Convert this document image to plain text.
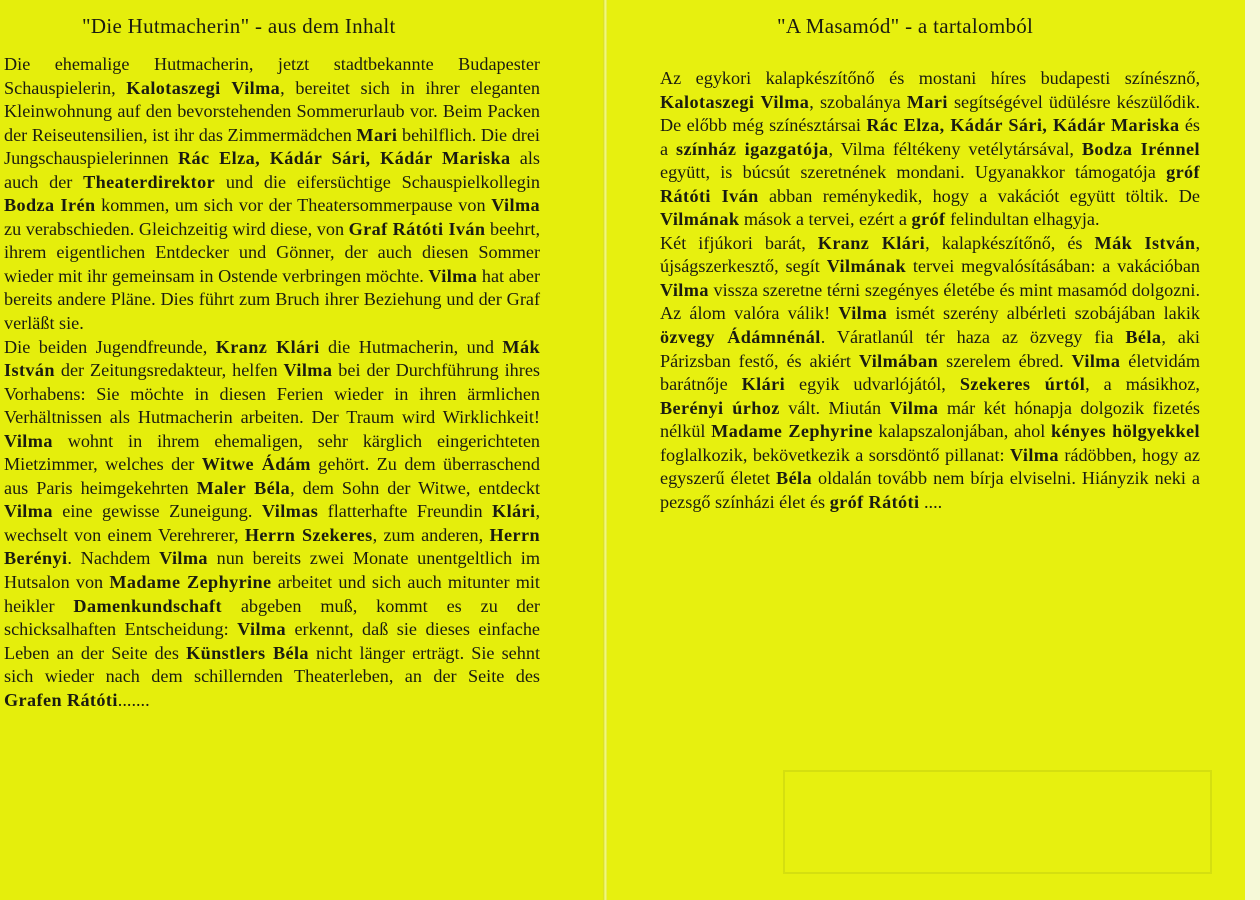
"Die Hutmacherin" - aus dem Inhalt

Die ehemalige Hutmacherin, jetzt stadtbekannte Budapester Schauspielerin, Kalotaszegi Vilma, bereitet sich in ihrer eleganten Kleinwohnung auf den bevorstehenden Sommerurlaub vor. Beim Packen der Reiseutensilien, ist ihr das Zimmermädchen Mari behilflich. Die drei Jungschauspielerinnen Rác Elza, Kádár Sári, Kádár Mariska als auch der Theaterdirektor und die eifersüchtige Schauspielkollegin Bodza Irén kommen, um sich vor der Theatersommerpause von Vilma zu verabschieden. Gleichzeitig wird diese, von Graf Rátóti Iván beehrt, ihrem eigentlichen Entdecker und Gönner, der auch diesen Sommer wieder mit ihr gemeinsam in Ostende verbringen möchte. Vilma hat aber bereits andere Pläne. Dies führt zum Bruch ihrer Beziehung und der Graf verläßt sie.

Die beiden Jugendfreunde, Kranz Klári die Hutmacherin, und Mák István der Zeitungsredakteur, helfen Vilma bei der Durchführung ihres Vorhabens: Sie möchte in diesen Ferien wieder in ihren ärmlichen Verhältnissen als Hutmacherin arbeiten. Der Traum wird Wirklichkeit! Vilma wohnt in ihrem ehemaligen, sehr kärglich eingerichteten Mietzimmer, welches der Witwe Ádám gehört. Zu dem überraschend aus Paris heimgekehrten Maler Béla, dem Sohn der Witwe, entdeckt Vilma eine gewisse Zuneigung. Vilmas flatterhafte Freundin Klári, wechselt von einem Verehrerer, Herrn Szekeres, zum anderen, Herrn Berényi. Nachdem Vilma nun bereits zwei Monate unentgeltlich im Hutsalon von Madame Zephyrine arbeitet und sich auch mitunter mit heikler Damenkundschaft abgeben muß, kommt es zu der schicksalhaften Entscheidung: Vilma erkennt, daß sie dieses einfache Leben an der Seite des Künstlers Béla nicht länger erträgt. Sie sehnt sich wieder nach dem schillernden Theaterleben, an der Seite des Grafen Rátóti.......

"A Masamód" - a tartalomból

Az egykori kalapkészítőnő és mostani híres budapesti színésznő, Kalotaszegi Vilma, szobalánya Mari segítségével üdülésre készülődik. De előbb még színésztársai Rác Elza, Kádár Sári, Kádár Mariska és a színház igazgatója, Vilma féltékeny vetélytársával, Bodza Irénnel együtt, is búcsút szeretnének mondani. Ugyanakkor támogatója gróf Rátóti Iván abban reménykedik, hogy a vakációt együtt töltik. De Vilmának mások a tervei, ezért a gróf felindultan elhagyja.

Két ifjúkori barát, Kranz Klári, kalapkészítőnő, és Mák István, újságszerkesztő, segít Vilmának tervei megvalósításában: a vakációban Vilma vissza szeretne térni szegényes életébe és mint masamód dolgozni. Az álom valóra válik! Vilma ismét szerény albérleti szobájában lakik özvegy Ádámnénál. Váratlanúl tér haza az özvegy fia Béla, aki Párizsban festő, és akiért Vilmában szerelem ébred. Vilma életvidám barátnője Klári egyik udvarlójától, Szekeres úrtól, a másikhoz, Berényi úrhoz vált. Miután Vilma már két hónapja dolgozik fizetés nélkül Madame Zephyrine kalapszalonjában, ahol kényes hölgyekkel foglalkozik, bekövetkezik a sorsdöntő pillanat: Vilma rádöbben, hogy az egyszerű életet Béla oldalán tovább nem bírja elviselni. Hiányzik neki a pezsgő színházi élet és gróf Rátóti ....
